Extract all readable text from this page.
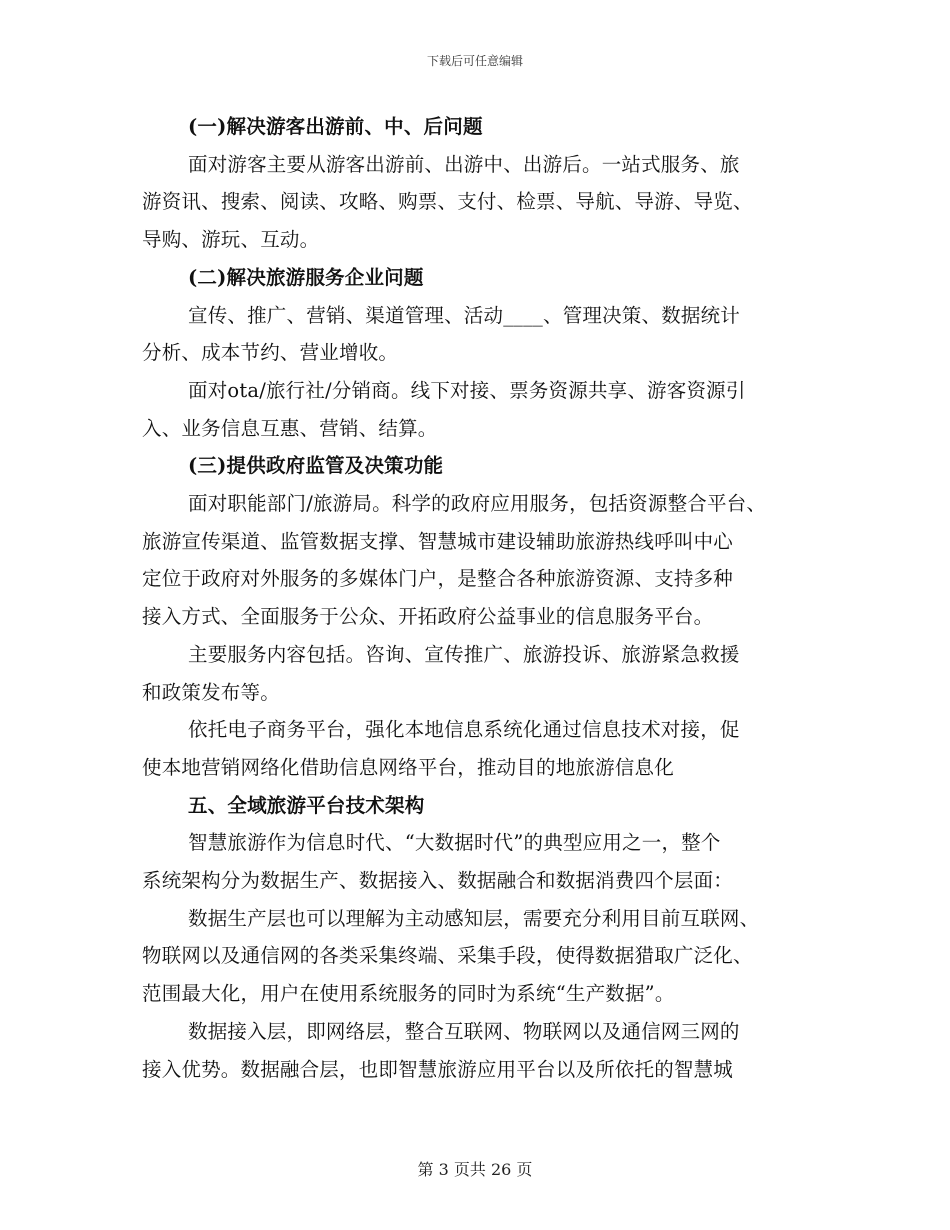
下载后可任意编辑
(一)解决游客出游前、中、后问题
面对游客主要从游客出游前、出游中、出游后。一站式服务、旅
游资讯、搜索、阅读、攻略、购票、支付、检票、导航、导游、导览、
导购、游玩、互动。
(二)解决旅游服务企业问题
宣传、推广、营销、渠道管理、活动____、管理决策、数据统计
分析、成本节约、营业增收。
面对ota/旅行社/分销商。线下对接、票务资源共享、游客资源引
入、业务信息互惠、营销、结算。
(三)提供政府监管及决策功能
面对职能部门/旅游局。科学的政府应用服务，包括资源整合平台、
旅游宣传渠道、监管数据支撑、智慧城市建设辅助旅游热线呼叫中心
定位于政府对外服务的多媒体门户，是整合各种旅游资源、支持多种
接入方式、全面服务于公众、开拓政府公益事业的信息服务平台。
主要服务内容包括。咨询、宣传推广、旅游投诉、旅游紧急救援
和政策发布等。
依托电子商务平台，强化本地信息系统化通过信息技术对接，促
使本地营销网络化借助信息网络平台，推动目的地旅游信息化
五、全域旅游平台技术架构
智慧旅游作为信息时代、“大数据时代”的典型应用之一，整个
系统架构分为数据生产、数据接入、数据融合和数据消费四个层面：
数据生产层也可以理解为主动感知层，需要充分利用目前互联网、
物联网以及通信网的各类采集终端、采集手段，使得数据猎取广泛化、
范围最大化，用户在使用系统服务的同时为系统“生产数据”。
数据接入层，即网络层，整合互联网、物联网以及通信网三网的
接入优势。数据融合层，也即智慧旅游应用平台以及所依托的智慧城
第 3 页共 26 页
